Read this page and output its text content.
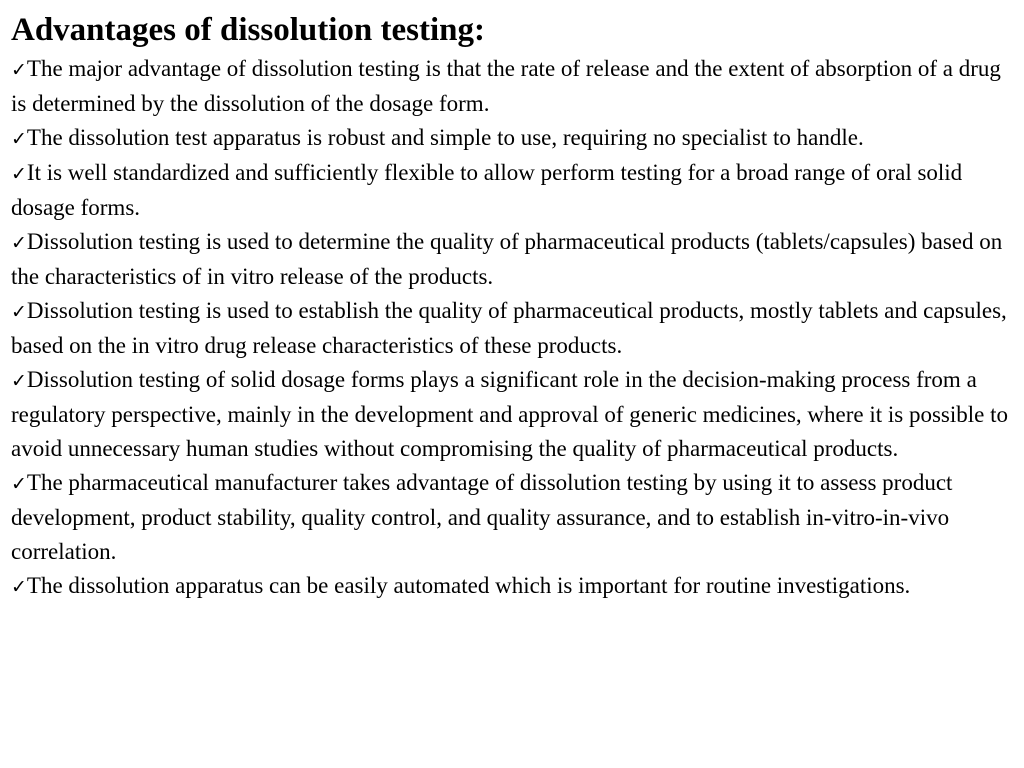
Advantages of dissolution testing:
✓The major advantage of dissolution testing is that the rate of release and the extent of absorption of a drug is determined by the dissolution of the dosage form.
✓The dissolution test apparatus is robust and simple to use, requiring no specialist to handle.
✓It is well standardized and sufficiently flexible to allow perform testing for a broad range of oral solid dosage forms.
✓Dissolution testing is used to determine the quality of pharmaceutical products (tablets/capsules) based on the characteristics of in vitro release of the products.
✓Dissolution testing is used to establish the quality of pharmaceutical products, mostly tablets and capsules, based on the in vitro drug release characteristics of these products.
✓Dissolution testing of solid dosage forms plays a significant role in the decision-making process from a regulatory perspective, mainly in the development and approval of generic medicines, where it is possible to avoid unnecessary human studies without compromising the quality of pharmaceutical products.
✓The pharmaceutical manufacturer takes advantage of dissolution testing by using it to assess product development, product stability, quality control, and quality assurance, and to establish in-vitro-in-vivo correlation.
✓The dissolution apparatus can be easily automated which is important for routine investigations.
